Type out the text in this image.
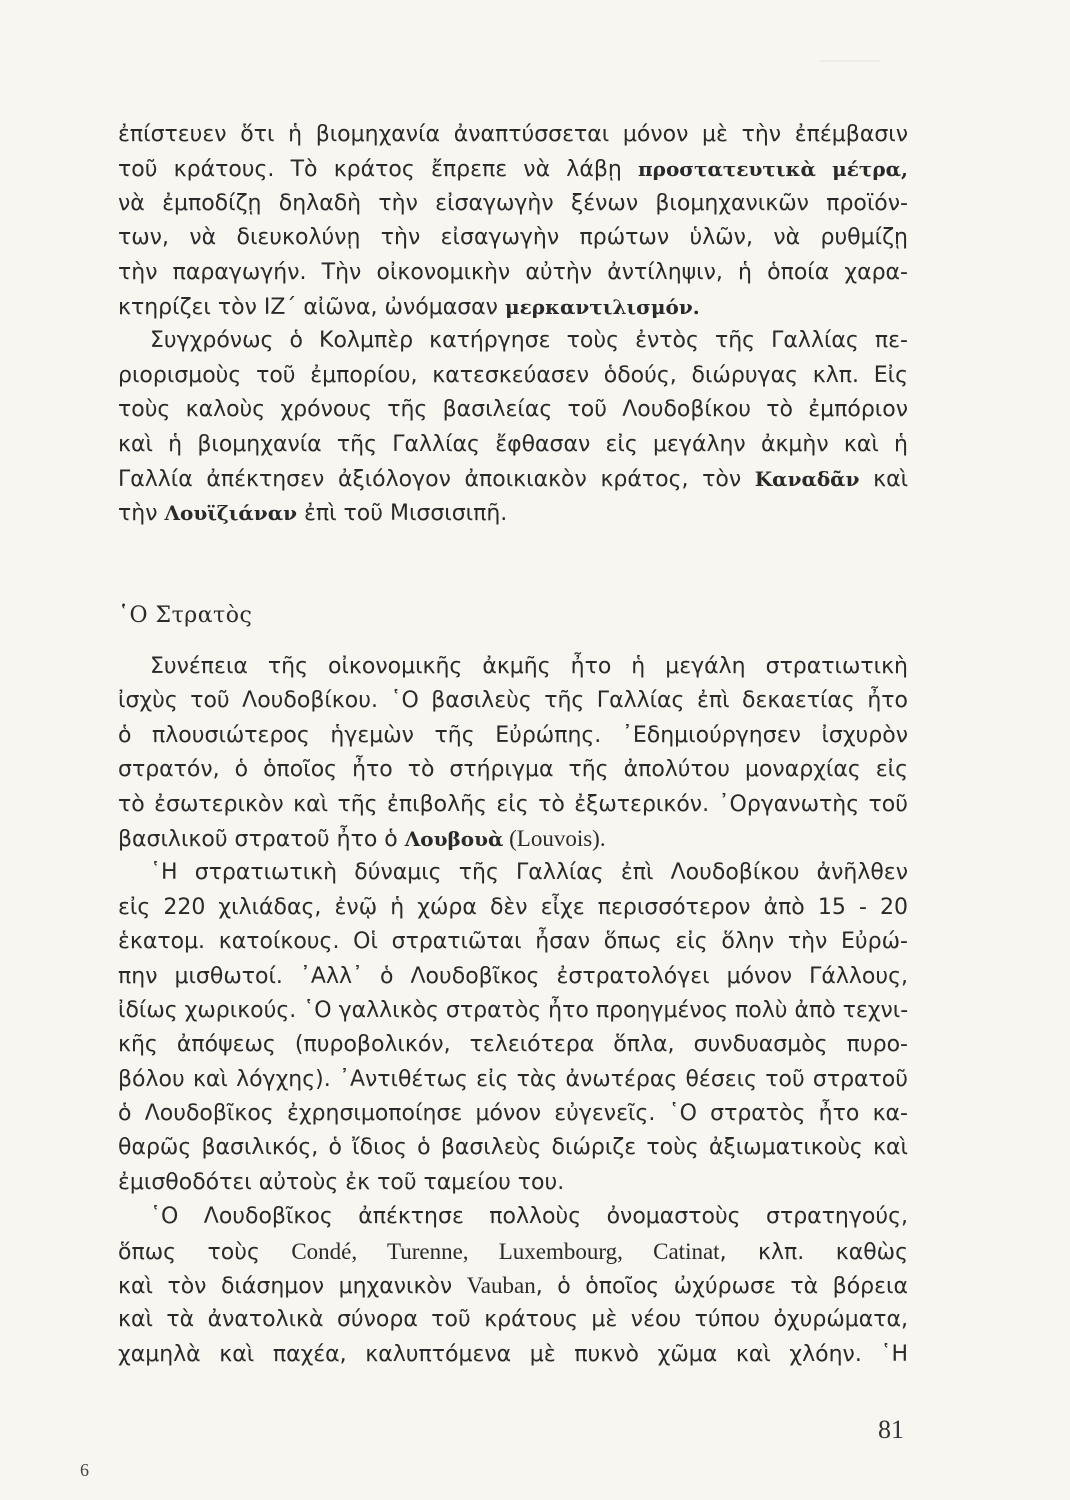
ἐπίστευεν ὅτι ἡ βιομηχανία ἀναπτύσσεται μόνον μὲ τὴν ἐπέμβασιν
τοῦ κράτους. Τὸ κράτος ἔπρεπε νὰ λάβῃ προστατευτικὰ μέτρα,
νὰ ἐμποδίζῃ δηλαδὴ τὴν εἰσαγωγὴν ξένων βιομηχανικῶν προϊόν-
των, νὰ διευκολύνῃ τὴν εἰσαγωγὴν πρώτων ὑλῶν, νὰ ρυθμίζῃ
τὴν παραγωγήν. Τὴν οἰκονομικὴν αὐτὴν ἀντίληψιν, ἡ ὁποία χαρα-
κτηρίζει τὸν ΙΖ΄ αἰῶνα, ὠνόμασαν μερκαντιλισμόν.
Συγχρόνως ὁ Κολμπὲρ κατήργησε τοὺς ἐντὸς τῆς Γαλλίας πε-
ριορισμοὺς τοῦ ἐμπορίου, κατεσκεύασεν ὁδούς, διώρυγας κλπ. Εἰς
τοὺς καλοὺς χρόνους τῆς βασιλείας τοῦ Λουδοβίκου τὸ ἐμπόριον
καὶ ἡ βιομηχανία τῆς Γαλλίας ἔφθασαν εἰς μεγάλην ἀκμὴν καὶ ἡ
Γαλλία ἀπέκτησεν ἀξιόλογον ἀποικιακὸν κράτος, τὸν Καναδᾶν καὶ
τὴν Λουϊζιάναν ἐπὶ τοῦ Μισσισιπῆ.
῾Ο Στρατὸς
Συνέπεια τῆς οἰκονομικῆς ἀκμῆς ἦτο ἡ μεγάλη στρατιωτικὴ
ἰσχὺς τοῦ Λουδοβίκου. ῾Ο βασιλεὺς τῆς Γαλλίας ἐπὶ δεκαετίας ἦτο
ὁ πλουσιώτερος ἡγεμὼν τῆς Εὐρώπης. ᾿Εδημιούργησεν ἰσχυρὸν
στρατόν, ὁ ὁποῖος ἦτο τὸ στήριγμα τῆς ἀπολύτου μοναρχίας εἰς
τὸ ἐσωτερικὸν καὶ τῆς ἐπιβολῆς εἰς τὸ ἐξωτερικόν. ᾿Οργανωτὴς τοῦ
βασιλικοῦ στρατοῦ ἦτο ὁ Λουβουὰ (Louvois).
῾Η στρατιωτικὴ δύναμις τῆς Γαλλίας ἐπὶ Λουδοβίκου ἀνῆλθεν
εἰς 220 χιλιάδας, ἐνῷ ἡ χώρα δὲν εἶχε περισσότερον ἀπὸ 15 - 20
ἑκατομ. κατοίκους. Οἱ στρατιῶται ἦσαν ὅπως εἰς ὅλην τὴν Εὐρώ-
πην μισθωτοί. ᾿Αλλ᾿ ὁ Λουδοβῖκος ἐστρατολόγει μόνον Γάλλους,
ἰδίως χωρικούς. ῾Ο γαλλικὸς στρατὸς ἦτο προηγμένος πολὺ ἀπὸ τεχνι-
κῆς ἀπόψεως (πυροβολικόν, τελειότερα ὅπλα, συνδυασμὸς πυρο-
βόλου καὶ λόγχης). ᾿Αντιθέτως εἰς τὰς ἀνωτέρας θέσεις τοῦ στρατοῦ
ὁ Λουδοβῖκος ἐχρησιμοποίησε μόνον εὐγενεῖς. ῾Ο στρατὸς ἦτο κα-
θαρῶς βασιλικός, ὁ ἴδιος ὁ βασιλεὺς διώριζε τοὺς ἀξιωματικοὺς καὶ
ἐμισθοδότει αὐτοὺς ἐκ τοῦ ταμείου του.
῾Ο Λουδοβῖκος ἀπέκτησε πολλοὺς ὀνομαστοὺς στρατηγούς,
ὅπως τοὺς Condé, Turenne, Luxembourg, Catinat, κλπ. καθὼς
καὶ τὸν διάσημον μηχανικὸν Vauban, ὁ ὁποῖος ὠχύρωσε τὰ βόρεια
καὶ τὰ ἀνατολικὰ σύνορα τοῦ κράτους μὲ νέου τύπου ὀχυρώματα,
χαμηλὰ καὶ παχέα, καλυπτόμενα μὲ πυκνὸ χῶμα καὶ χλόην. ῾Η
81
6
